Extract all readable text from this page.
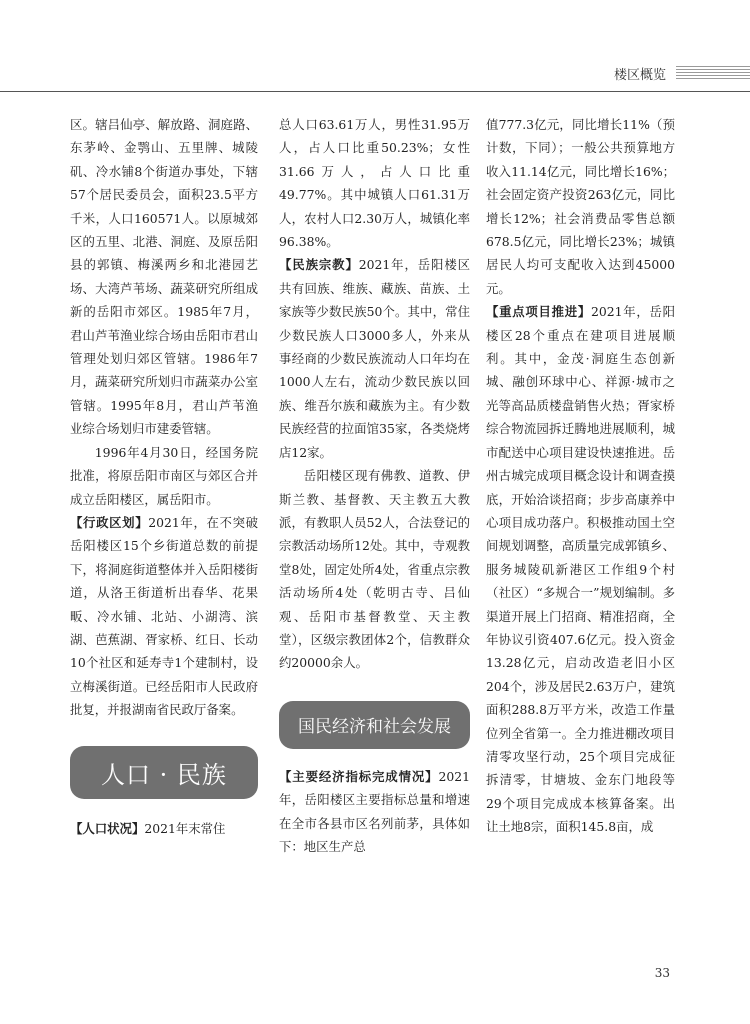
楼区概览

区。辖吕仙亭、解放路、洞庭路、东茅岭、金鹗山、五里牌、城陵矶、冷水铺8个街道办事处，下辖57个居民委员会，面积23.5平方千米，人口160571人。以原城郊区的五里、北港、洞庭、及原岳阳县的郭镇、梅溪两乡和北港园艺场、大湾芦苇场、蔬菜研究所组成新的岳阳市郊区。1985年7月，君山芦苇渔业综合场由岳阳市君山管理处划归郊区管辖。1986年7月，蔬菜研究所划归市蔬菜办公室管辖。1995年8月，君山芦苇渔业综合场划归市建委管辖。

1996年4月30日，经国务院批准，将原岳阳市南区与郊区合并成立岳阳楼区，属岳阳市。

【行政区划】2021年，在不突破岳阳楼区15个乡街道总数的前提下，将洞庭街道整体并入岳阳楼街道，从洛王街道析出春华、花果畈、冷水铺、北站、小湖湾、滨湖、芭蕉湖、胥家桥、红日、长动10个社区和延寿寺1个建制村，设立梅溪街道。已经岳阳市人民政府批复，并报湖南省民政厅备案。

人口 · 民族

【人口状况】2021年末常住

总人口63.61万人，男性31.95万人，占人口比重50.23%；女性31.66万人，占人口比重49.77%。其中城镇人口61.31万人，农村人口2.30万人，城镇化率96.38%。

【民族宗教】2021年，岳阳楼区共有回族、维族、藏族、苗族、土家族等少数民族50个。其中，常住少数民族人口3000多人，外来从事经商的少数民族流动人口年均在1000人左右，流动少数民族以回族、维吾尔族和藏族为主。有少数民族经营的拉面馆35家，各类烧烤店12家。

岳阳楼区现有佛教、道教、伊斯兰教、基督教、天主教五大教派，有教职人员52人，合法登记的宗教活动场所12处。其中，寺观教堂8处，固定处所4处，省重点宗教活动场所4处（乾明古寺、吕仙观、岳阳市基督教堂、天主教堂），区级宗教团体2个，信教群众约20000余人。

国民经济和社会发展

【主要经济指标完成情况】2021年，岳阳楼区主要指标总量和增速在全市各县市区名列前茅，具体如下：地区生产总

值777.3亿元，同比增长11%（预计数，下同）；一般公共预算地方收入11.14亿元，同比增长16%；社会固定资产投资263亿元，同比增长12%；社会消费品零售总额678.5亿元，同比增长23%；城镇居民人均可支配收入达到45000元。

【重点项目推进】2021年，岳阳楼区28个重点在建项目进展顺利。其中，金茂·洞庭生态创新城、融创环球中心、祥源·城市之光等高品质楼盘销售火热；胥家桥综合物流园拆迁腾地进展顺利，城市配送中心项目建设快速推进。岳州古城完成项目概念设计和调查摸底，开始洽谈招商；步步高康养中心项目成功落户。积极推动国土空间规划调整，高质量完成郭镇乡、服务城陵矶新港区工作组9个村（社区）“多规合一”规划编制。多渠道开展上门招商、精准招商，全年协议引资407.6亿元。投入资金13.28亿元，启动改造老旧小区204个，涉及居民2.63万户，建筑面积288.8万平方米，改造工作量位列全省第一。全力推进棚改项目清零攻坚行动，25个项目完成征拆清零，甘塘坡、金东门地段等29个项目完成成本核算备案。出让土地8宗，面积145.8亩，成

33
